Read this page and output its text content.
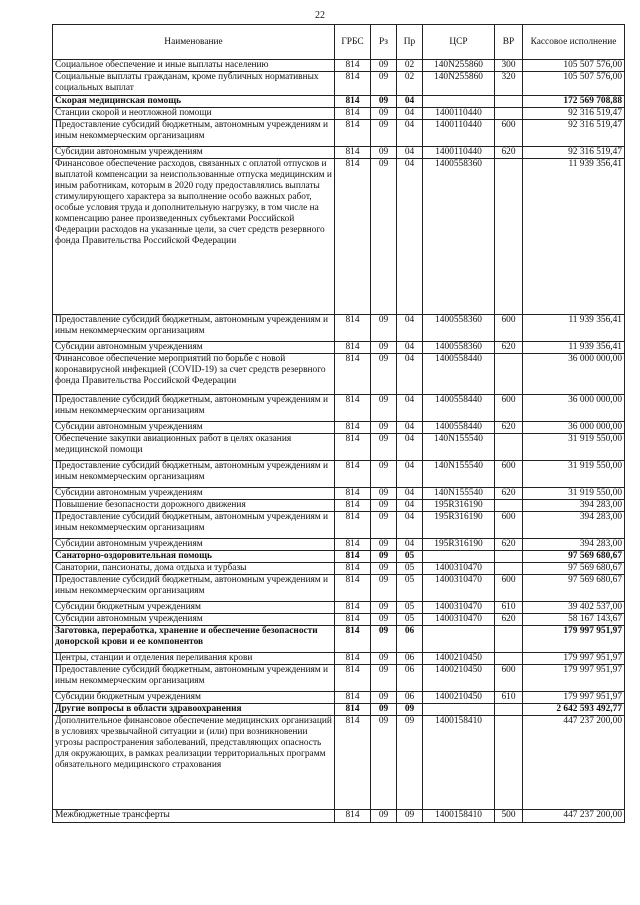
22
Наименование	ГРБС	Рз	Пр	ЦСР	ВР	Кассовое исполнение
Социальное обеспечение и иные выплаты населению	814	09	02	140N255860	300	105 507 576,00
Социальные выплаты гражданам, кроме публичных нормативных социальных выплат	814	09	02	140N255860	320	105 507 576,00
Скорая медицинская помощь	814	09	04			172 569 708,88
Станции скорой и неотложной помощи	814	09	04	1400110440		92 316 519,47
Предоставление субсидий бюджетным, автономным учреждениям и иным некоммерческим организациям	814	09	04	1400110440	600	92 316 519,47
Субсидии автономным учреждениям	814	09	04	1400110440	620	92 316 519,47
Финансовое обеспечение расходов, связанных с оплатой отпусков и выплатой компенсации за неиспользованные отпуска медицинским и иным работникам, которым в 2020 году предоставлялись выплаты стимулирующего характера за выполнение особо важных работ, особые условия труда и дополнительную нагрузку, в том числе на компенсацию ранее произведенных субъектами Российской Федерации расходов на указанные цели, за счет средств резервного фонда Правительства Российской Федерации	814	09	04	1400558360		11 939 356,41
Предоставление субсидий бюджетным, автономным учреждениям и иным некоммерческим организациям	814	09	04	1400558360	600	11 939 356,41
Субсидии автономным учреждениям	814	09	04	1400558360	620	11 939 356,41
Финансовое обеспечение мероприятий по борьбе с новой коронавирусной инфекцией (COVID-19) за счет средств резервного фонда Правительства Российской Федерации	814	09	04	1400558440		36 000 000,00
Предоставление субсидий бюджетным, автономным учреждениям и иным некоммерческим организациям	814	09	04	1400558440	600	36 000 000,00
Субсидии автономным учреждениям	814	09	04	1400558440	620	36 000 000,00
Обеспечение закупки авиационных работ в целях оказания медицинской помощи	814	09	04	140N155540		31 919 550,00
Предоставление субсидий бюджетным, автономным учреждениям и иным некоммерческим организациям	814	09	04	140N155540	600	31 919 550,00
Субсидии автономным учреждениям	814	09	04	140N155540	620	31 919 550,00
Повышение безопасности дорожного движения	814	09	04	195R316190		394 283,00
Предоставление субсидий бюджетным, автономным учреждениям и иным некоммерческим организациям	814	09	04	195R316190	600	394 283,00
Субсидии автономным учреждениям	814	09	04	195R316190	620	394 283,00
Санаторно-оздоровительная помощь	814	09	05			97 569 680,67
Санатории, пансионаты, дома отдыха и турбазы	814	09	05	1400310470		97 569 680,67
Предоставление субсидий бюджетным, автономным учреждениям и иным некоммерческим организациям	814	09	05	1400310470	600	97 569 680,67
Субсидии бюджетным учреждениям	814	09	05	1400310470	610	39 402 537,00
Субсидии автономным учреждениям	814	09	05	1400310470	620	58 167 143,67
Заготовка, переработка, хранение и обеспечение безопасности донорской крови и ее компонентов	814	09	06			179 997 951,97
Центры, станции и отделения переливания крови	814	09	06	1400210450		179 997 951,97
Предоставление субсидий бюджетным, автономным учреждениям и иным некоммерческим организациям	814	09	06	1400210450	600	179 997 951,97
Субсидии бюджетным учреждениям	814	09	06	1400210450	610	179 997 951,97
Другие вопросы в области здравоохранения	814	09	09			2 642 593 492,77
Дополнительное финансовое обеспечение медицинских организаций в условиях чрезвычайной ситуации и (или) при возникновении угрозы распространения заболеваний, представляющих опасность для окружающих, в рамках реализации территориальных программ обязательного медицинского страхования	814	09	09	1400158410		447 237 200,00
Межбюджетные трансферты	814	09	09	1400158410	500	447 237 200,00
